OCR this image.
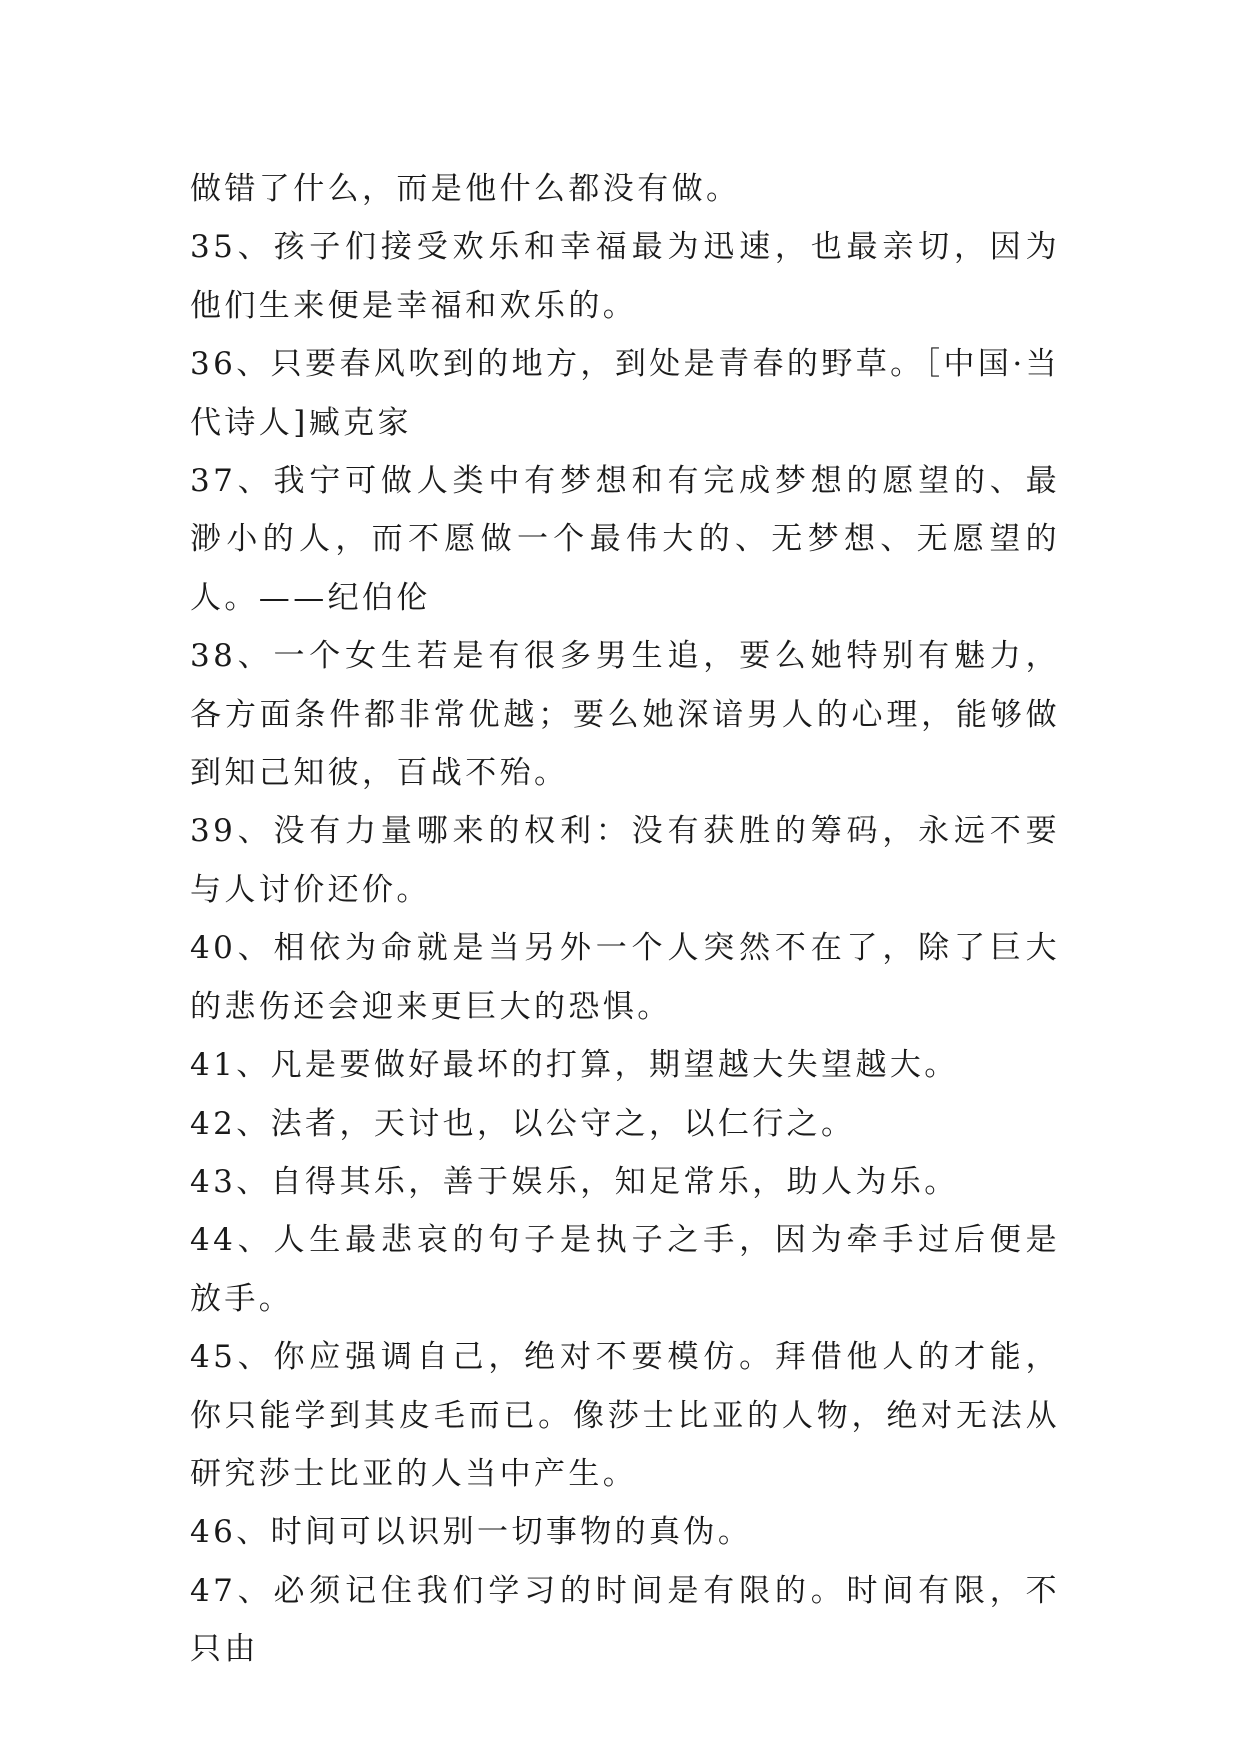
做错了什么，而是他什么都没有做。

35、孩子们接受欢乐和幸福最为迅速，也最亲切，因为他们生来便是幸福和欢乐的。

36、只要春风吹到的地方，到处是青春的野草。［中国·当代诗人]臧克家

37、我宁可做人类中有梦想和有完成梦想的愿望的、最渺小的人，而不愿做一个最伟大的、无梦想、无愿望的人。——纪伯伦

38、一个女生若是有很多男生追，要么她特别有魅力，各方面条件都非常优越；要么她深谙男人的心理，能够做到知己知彼，百战不殆。

39、没有力量哪来的权利：没有获胜的筹码，永远不要与人讨价还价。

40、相依为命就是当另外一个人突然不在了，除了巨大的悲伤还会迎来更巨大的恐惧。

41、凡是要做好最坏的打算，期望越大失望越大。

42、法者，天讨也，以公守之，以仁行之。

43、自得其乐，善于娱乐，知足常乐，助人为乐。

44、人生最悲哀的句子是执子之手，因为牵手过后便是放手。

45、你应强调自己，绝对不要模仿。拜借他人的才能，你只能学到其皮毛而已。像莎士比亚的人物，绝对无法从研究莎士比亚的人当中产生。

46、时间可以识别一切事物的真伪。

47、必须记住我们学习的时间是有限的。时间有限，不只由
